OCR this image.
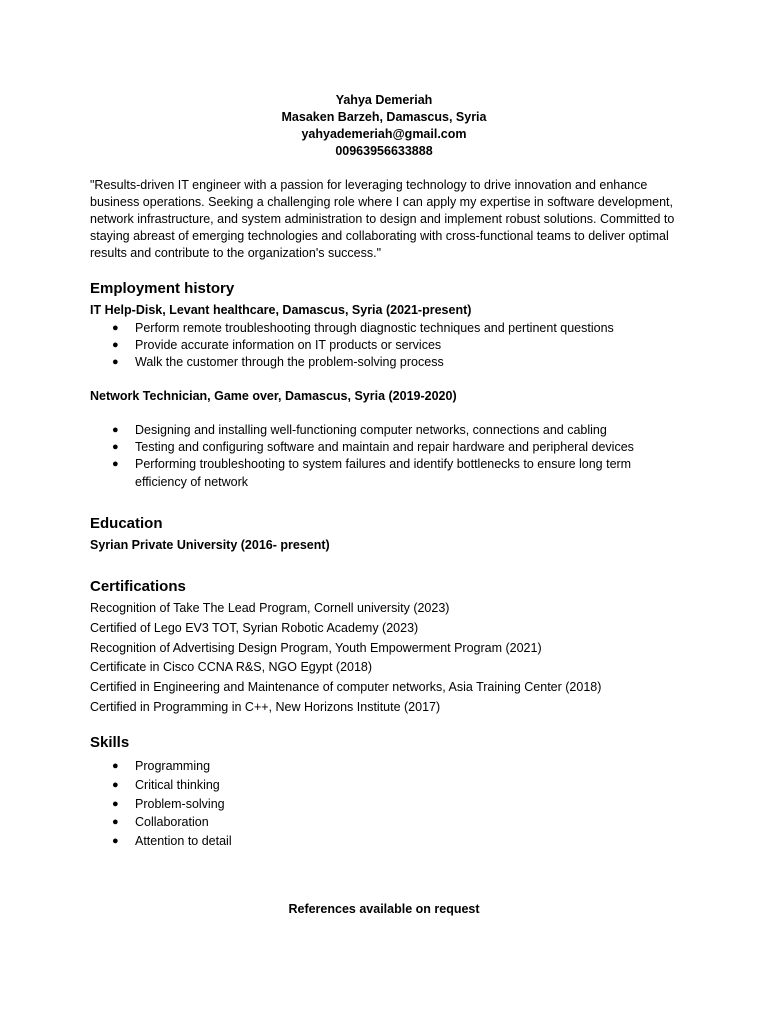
Yahya Demeriah
Masaken Barzeh, Damascus, Syria
yahyademeriah@gmail.com
00963956633888
"Results-driven IT engineer with a passion for leveraging technology to drive innovation and enhance business operations. Seeking a challenging role where I can apply my expertise in software development, network infrastructure, and system administration to design and implement robust solutions. Committed to staying abreast of emerging technologies and collaborating with cross-functional teams to deliver optimal results and contribute to the organization's success."
Employment history
IT Help-Disk, Levant healthcare, Damascus, Syria (2021-present)
● Perform remote troubleshooting through diagnostic techniques and pertinent questions
● Provide accurate information on IT products or services
● Walk the customer through the problem-solving process
Network Technician, Game over, Damascus, Syria (2019-2020)
● Designing and installing well-functioning computer networks, connections and cabling
● Testing and configuring software and maintain and repair hardware and peripheral devices
● Performing troubleshooting to system failures and identify bottlenecks to ensure long term efficiency of network
Education
Syrian Private University (2016- present)
Certifications
Recognition of Take The Lead Program, Cornell university (2023)
Certified of Lego EV3 TOT, Syrian Robotic Academy (2023)
Recognition of Advertising Design Program, Youth Empowerment Program (2021)
Certificate in Cisco CCNA R&S, NGO Egypt (2018)
Certified in Engineering and Maintenance of computer networks, Asia Training Center (2018)
Certified in Programming in C++, New Horizons Institute (2017)
Skills
● Programming
● Critical thinking
● Problem-solving
● Collaboration
● Attention to detail
References available on request
